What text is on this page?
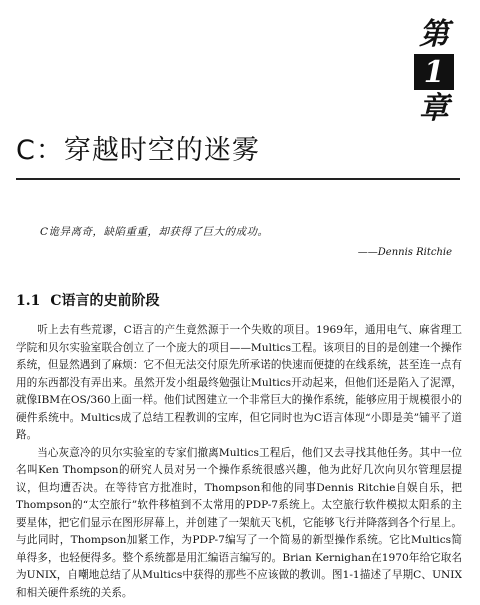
第
1
章
C：穿越时空的迷雾
C诡异离奇，缺陷重重，却获得了巨大的成功。
——Dennis Ritchie
1.1 C语言的史前阶段

听上去有些荒谬，C语言的产生竟然源于一个失败的项目。1969年，通用电气、麻省理工学院和贝尔实验室联合创立了一个庞大的项目——Multics工程。该项目的目的是创建一个操作系统，但显然遇到了麻烦：它不但无法交付原先所承诺的快速而便捷的在线系统，甚至连一点有用的东西都没有弄出来。虽然开发小组最终勉强让Multics开动起来，但他们还是陷入了泥潭，就像IBM在OS/360上面一样。他们试图建立一个非常巨大的操作系统，能够应用于规模很小的硬件系统中。Multics成了总结工程教训的宝库，但它同时也为C语言体现“小即是美”铺平了道路。

当心灰意冷的贝尔实验室的专家们撤离Multics工程后，他们又去寻找其他任务。其中一位名叫Ken Thompson的研究人员对另一个操作系统很感兴趣，他为此好几次向贝尔管理层提议，但均遭否决。在等待官方批准时，Thompson和他的同事Dennis Ritchie自娱自乐，把Thompson的“太空旅行”软件移植到不太常用的PDP-7系统上。太空旅行软件模拟太阳系的主要星体，把它们显示在图形屏幕上，并创建了一架航天飞机，它能够飞行并降落到各个行星上。与此同时，Thompson加紧工作，为PDP-7编写了一个简易的新型操作系统。它比Multics简单得多，也轻便得多。整个系统都是用汇编语言编写的。Brian Kernighan在1970年给它取名为UNIX，自嘲地总结了从Multics中获得的那些不应该做的教训。图1-1描述了早期C、UNIX和相关硬件系统的关系。
